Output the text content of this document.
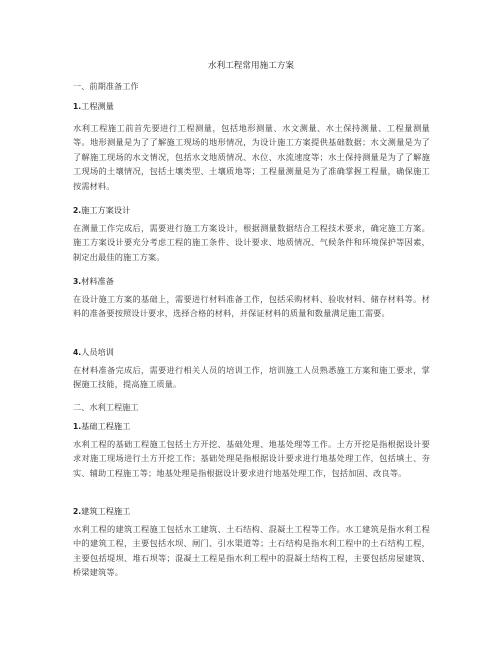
水利工程常用施工方案
一、前期准备工作
1.工程测量
水利工程施工前首先要进行工程测量，包括地形测量、水文测量、水土保持测量、工程量测量等。地形测量是为了了解施工现场的地形情况，为设计施工方案提供基础数据；水文测量是为了了解施工现场的水文情况，包括水文地质情况、水位、水流速度等；水土保持测量是为了了解施工现场的土壤情况，包括土壤类型、土壤质地等；工程量测量是为了准确掌握工程量，确保施工按需材料。
2.施工方案设计
在测量工作完成后，需要进行施工方案设计，根据测量数据结合工程技术要求，确定施工方案。施工方案设计要充分考虑工程的施工条件、设计要求、地质情况、气候条件和环境保护等因素，制定出最佳的施工方案。
3.材料准备
在设计施工方案的基础上，需要进行材料准备工作，包括采购材料、验收材料、储存材料等。材料的准备要按照设计要求，选择合格的材料，并保证材料的质量和数量满足施工需要。
4.人员培训
在材料准备完成后，需要进行相关人员的培训工作，培训施工人员熟悉施工方案和施工要求，掌握施工技能，提高施工质量。
二、水利工程施工
1.基础工程施工
水利工程的基础工程施工包括土方开挖、基础处理、地基处理等工作。土方开挖是指根据设计要求对施工现场进行土方开挖工作；基础处理是指根据设计要求进行地基处理工作，包括填土、夯实、辅助工程施工等；地基处理是指根据设计要求进行地基处理工作，包括加固、改良等。
2.建筑工程施工
水利工程的建筑工程施工包括水工建筑、土石结构、混凝土工程等工作。水工建筑是指水利工程中的建筑工程，主要包括水坝、闸门、引水渠道等；土石结构是指水利工程中的土石结构工程，主要包括堤坝、堆石坝等；混凝土工程是指水利工程中的混凝土结构工程，主要包括房屋建筑、桥梁建筑等。
